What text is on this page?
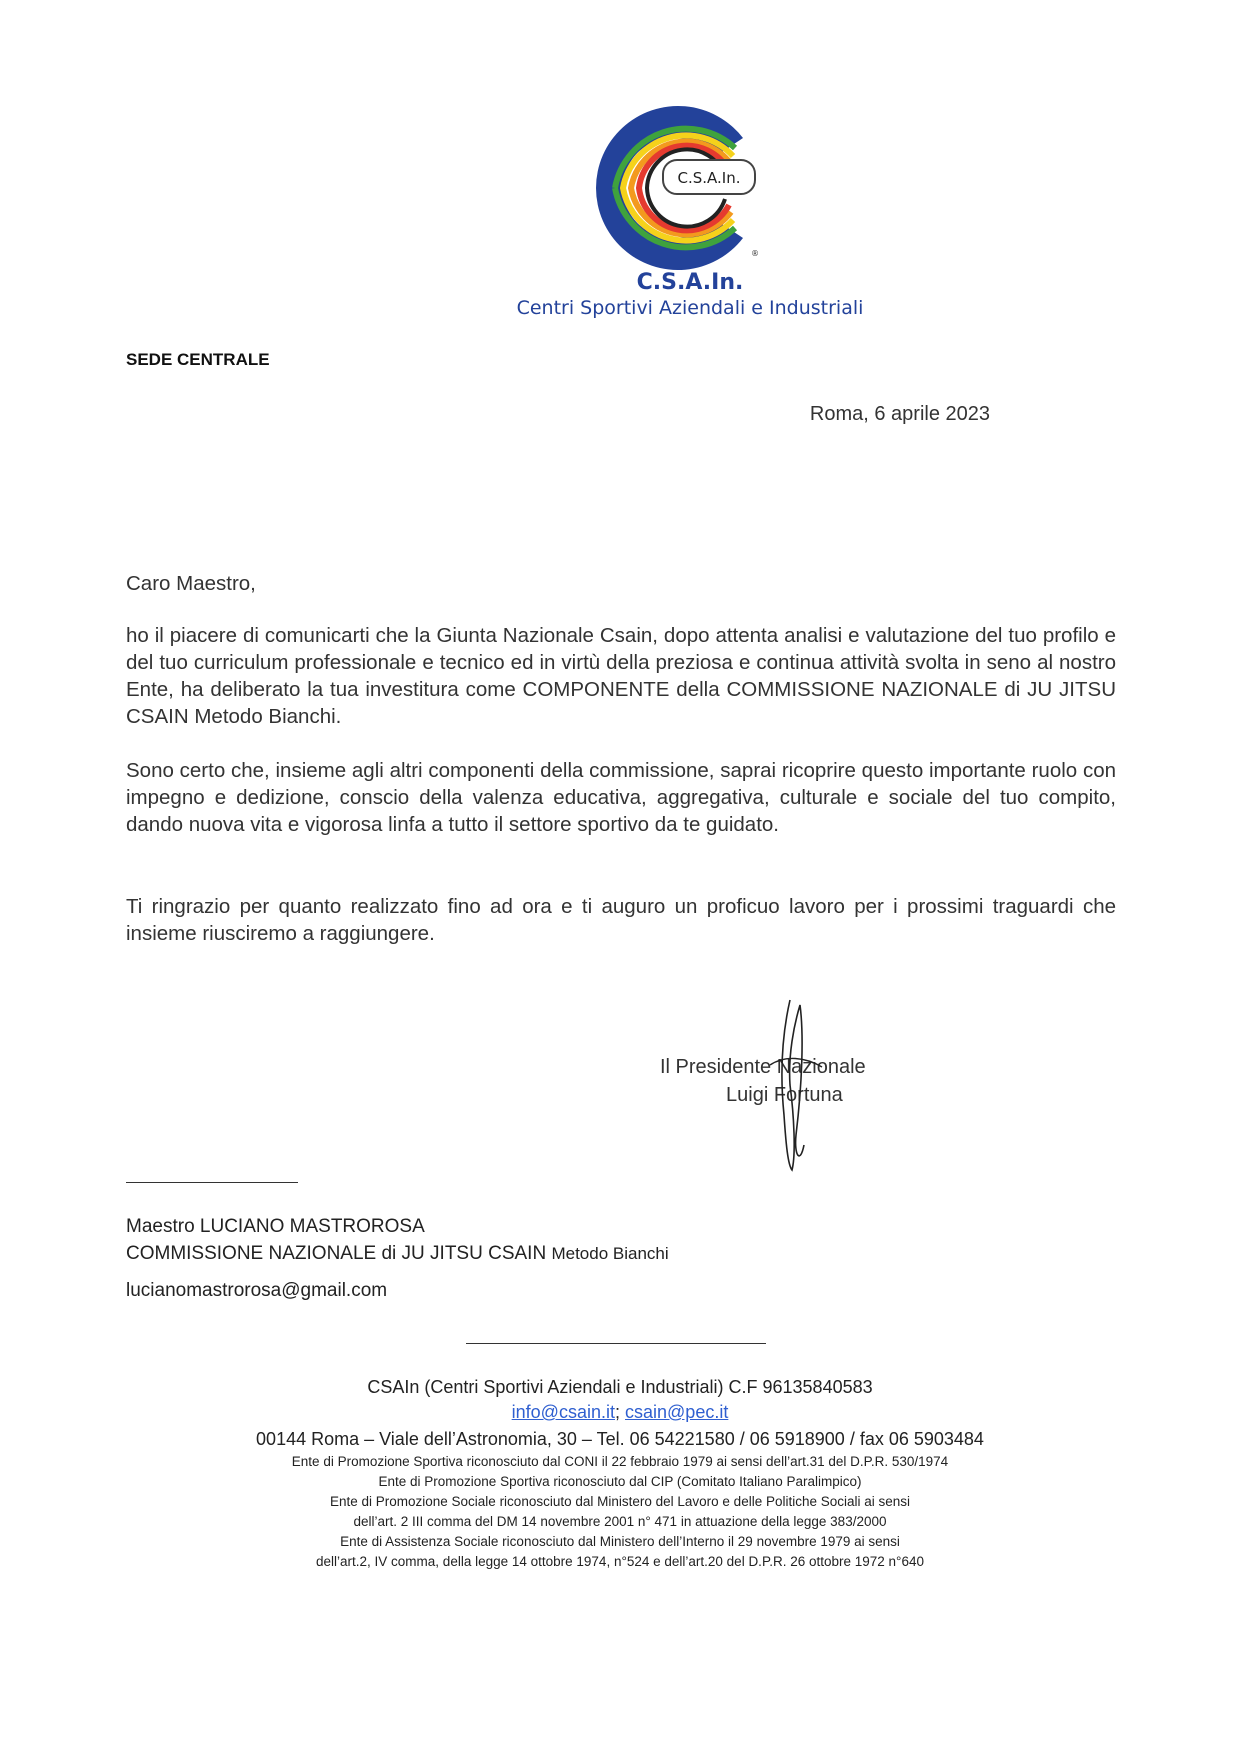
C.S.A.In.
®
C.S.A.In.
Centri Sportivi Aziendali e Industriali
SEDE CENTRALE
Roma, 6 aprile 2023
Caro Maestro,
ho il piacere di comunicarti che la Giunta Nazionale Csain, dopo attenta analisi e valutazione del tuo profilo e del tuo curriculum professionale e tecnico ed in virtù della preziosa e continua attività svolta in seno al nostro Ente, ha deliberato la tua investitura come COMPONENTE della COMMISSIONE NAZIONALE di JU JITSU CSAIN Metodo Bianchi.
Sono certo che, insieme agli altri componenti della commissione, saprai ricoprire questo importante ruolo con impegno e dedizione, conscio della valenza educativa, aggregativa, culturale e sociale del tuo compito, dando nuova vita e vigorosa linfa a tutto il settore sportivo da te guidato.
Ti ringrazio per quanto realizzato fino ad ora e ti auguro un proficuo lavoro per i prossimi traguardi che insieme riusciremo a raggiungere.
Il Presidente Nazionale
Luigi Fortuna
Maestro LUCIANO MASTROROSA
COMMISSIONE NAZIONALE di JU JITSU CSAIN Metodo Bianchi
lucianomastrorosa@gmail.com
CSAIn (Centri Sportivi Aziendali e Industriali) C.F 96135840583
info@csain.it; csain@pec.it
00144 Roma – Viale dell’Astronomia, 30 – Tel. 06 54221580 / 06 5918900 / fax 06 5903484
Ente di Promozione Sportiva riconosciuto dal CONI il 22 febbraio 1979 ai sensi dell’art.31 del D.P.R. 530/1974
Ente di Promozione Sportiva riconosciuto dal CIP (Comitato Italiano Paralimpico)
Ente di Promozione Sociale riconosciuto dal Ministero del Lavoro e delle Politiche Sociali ai sensi
dell’art. 2 III comma del DM 14 novembre 2001 n° 471 in attuazione della legge 383/2000
Ente di Assistenza Sociale riconosciuto dal Ministero dell’Interno il 29 novembre 1979 ai sensi
dell’art.2, IV comma, della legge 14 ottobre 1974, n°524 e dell’art.20 del D.P.R. 26 ottobre 1972 n°640
